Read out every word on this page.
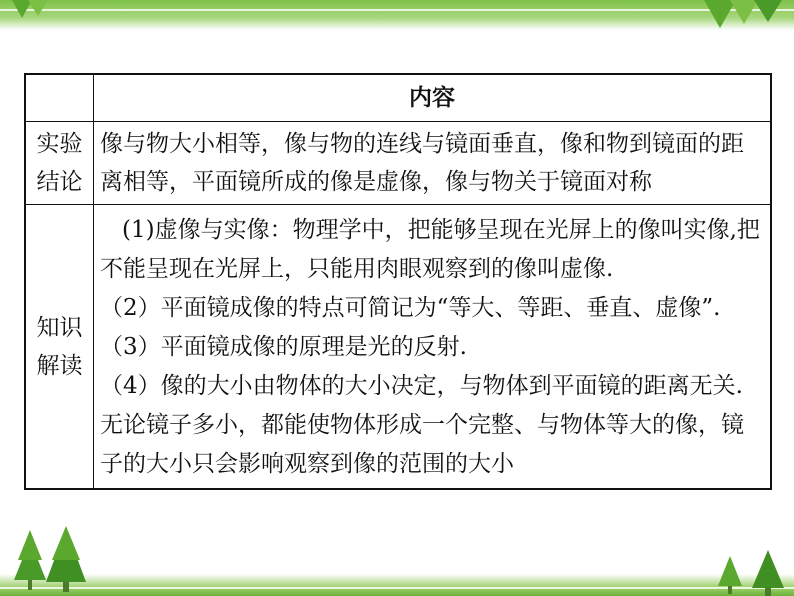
内容
实验
结论
像与物大小相等，像与物的连线与镜面垂直，像和物到镜面的距离相等，平面镜所成的像是虚像，像与物关于镜面对称
知识
解读

(1)虚像与实像：物理学中，把能够呈现在光屏上的像叫实像,把不能呈现在光屏上，只能用肉眼观察到的像叫虚像.

（2）平面镜成像的特点可简记为“等大、等距、垂直、虚像”.

（3）平面镜成像的原理是光的反射.

（4）像的大小由物体的大小决定，与物体到平面镜的距离无关.无论镜子多小，都能使物体形成一个完整、与物体等大的像，镜子的大小只会影响观察到像的范围的大小
